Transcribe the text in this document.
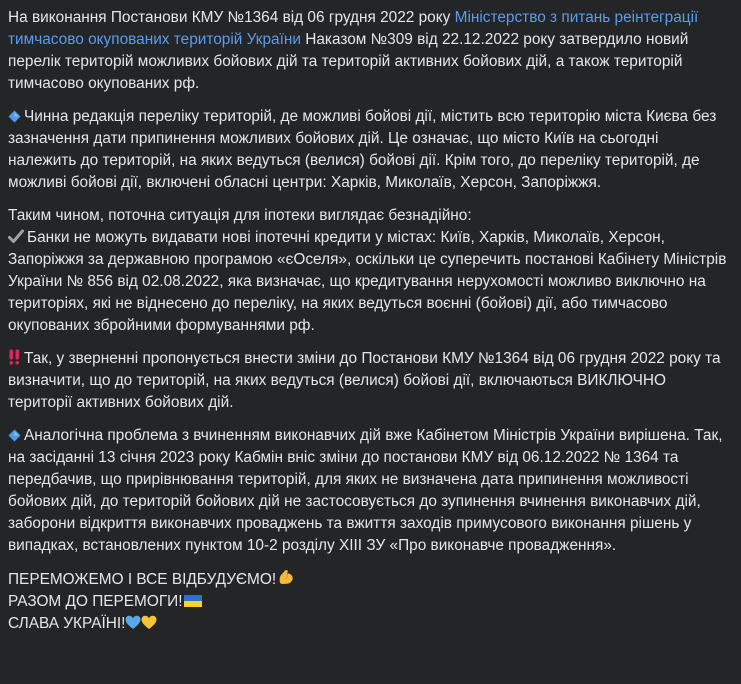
На виконання Постанови КМУ №1364 від 06 грудня 2022 року Міністерство з питань реінтеграції тимчасово окупованих територій України Наказом №309 від 22.12.2022 року затвердило новий перелік територій можливих бойових дій та територій активних бойових дій, а також територій тимчасово окупованих рф.

Чинна редакція переліку територій, де можливі бойові дії, містить всю територію міста Києва без зазначення дати припинення можливих бойових дій. Це означає, що місто Київ на сьогодні належить до територій, на яких ведуться (велися) бойові дії. Крім того, до переліку територій, де можливі бойові дії, включені обласні центри: Харків, Миколаїв, Херсон, Запоріжжя.

Таким чином, поточна ситуація для іпотеки виглядає безнадійно:
Банки не можуть видавати нові іпотечні кредити у містах: Київ, Харків, Миколаїв, Херсон, Запоріжжя за державною програмою «єОселя», оскільки це суперечить постанові Кабінету Міністрів України № 856 від 02.08.2022, яка визначає, що кредитування нерухомості можливо виключно на територіях, які не віднесено до переліку, на яких ведуться воєнні (бойові) дії, або тимчасово окупованих збройними формуваннями рф.

Так, у зверненні пропонується внести зміни до Постанови КМУ №1364 від 06 грудня 2022 року та визначити, що до територій, на яких ведуться (велися) бойові дії, включаються ВИКЛЮЧНО території активних бойових дій.

Аналогічна проблема з вчиненням виконавчих дій вже Кабінетом Міністрів України вирішена. Так, на засіданні 13 січня 2023 року Кабмін вніс зміни до постанови КМУ від 06.12.2022 № 1364 та передбачив, що прирівнювання територій, для яких не визначена дата припинення можливості бойових дій, до територій бойових дій не застосовується до зупинення вчинення виконавчих дій, заборони відкриття виконавчих проваджень та вжиття заходів примусового виконання рішень у випадках, встановлених пунктом 10-2 розділу XIII ЗУ «Про виконавче провадження».

ПЕРЕМОЖЕМО І ВСЕ ВІДБУДУЄМО!
РАЗОМ ДО ПЕРЕМОГИ!
СЛАВА УКРАЇНІ!
